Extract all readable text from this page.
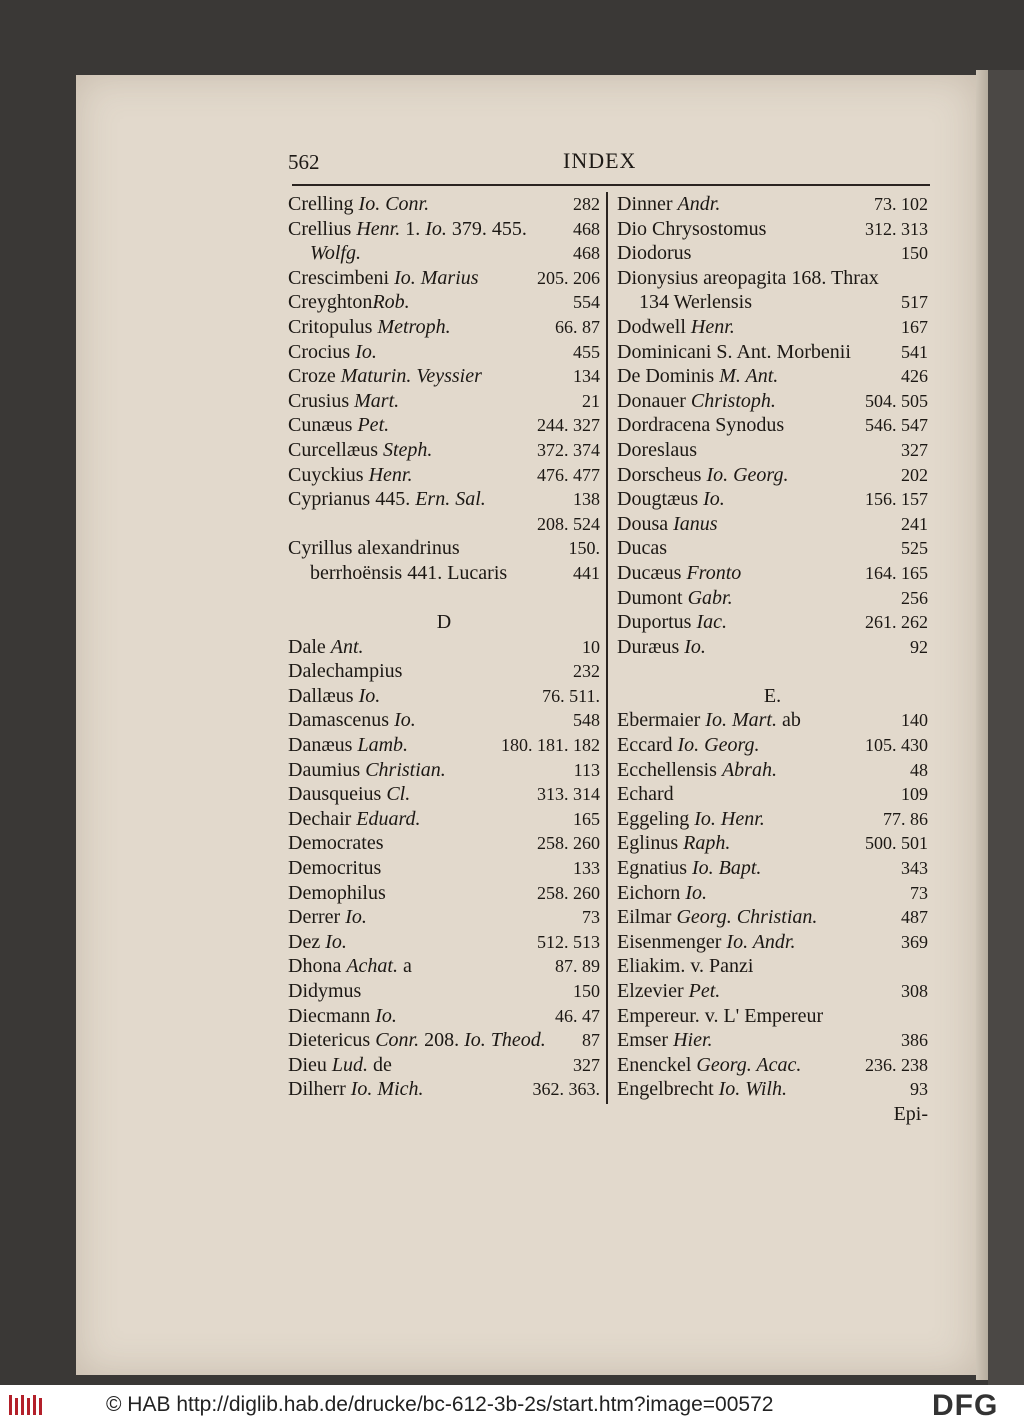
562	INDEX
Crelling Io. Conr.	282
Crellius Henr. 1. Io. 379. 455.	468
Wolfg.	468
Crescimbeni Io. Marius	205. 206
CreyghtonRob.	554
Critopulus Metroph.	66. 87
Crocius Io.	455
Croze Maturin. Veyssier	134
Crusius Mart.	21
Cunæus Pet.	244. 327
Curcellæus Steph.	372. 374
Cuyckius Henr.	476. 477
Cyprianus 445. Ern. Sal.	138
208. 524
Cyrillus alexandrinus	150.
berrhoënsis 441. Lucaris	441
D
Dale Ant.	10
Dalechampius	232
Dallæus Io.	76. 511.
Damascenus Io.	548
Danæus Lamb.	180. 181. 182
Daumius Christian.	113
Dausqueius Cl.	313. 314
Dechair Eduard.	165
Democrates	258. 260
Democritus	133
Demophilus	258. 260
Derrer Io.	73
Dez Io.	512. 513
Dhona Achat. a	87. 89
Didymus	150
Diecmann Io.	46. 47
Dietericus Conr. 208. Io. Theod. 87
Dieu Lud. de	327
Dilherr Io. Mich.	362. 363.
Dinner Andr.	73. 102
Dio Chrysostomus	312. 313
Diodorus	150
Dionysius areopagita 168. Thrax
134 Werlensis	517
Dodwell Henr.	167
Dominicani S. Ant. Morbenii	541
De Dominis M. Ant.	426
Donauer Christoph.	504. 505
Dordracena Synodus	546. 547
Doreslaus	327
Dorscheus Io. Georg.	202
Dougtæus Io.	156. 157
Dousa Ianus	241
Ducas	525
Ducæus Fronto	164. 165
Dumont Gabr.	256
Duportus Iac.	261. 262
Duræus Io.	92
E.
Ebermaier Io. Mart. ab	140
Eccard Io. Georg.	105. 430
Ecchellensis Abrah.	48
Echard	109
Eggeling Io. Henr.	77. 86
Eglinus Raph.	500. 501
Egnatius Io. Bapt.	343
Eichorn Io.	73
Eilmar Georg. Christian.	487
Eisenmenger Io. Andr.	369
Eliakim. v. Panzi
Elzevier Pet.	308
Empereur. v. L' Empereur
Emser Hier.	386
Enenckel Georg. Acac.	236. 238
Engelbrecht Io. Wilh.	93
Epi-
© HAB http://diglib.hab.de/drucke/bc-612-3b-2s/start.htm?image=00572	DFG
